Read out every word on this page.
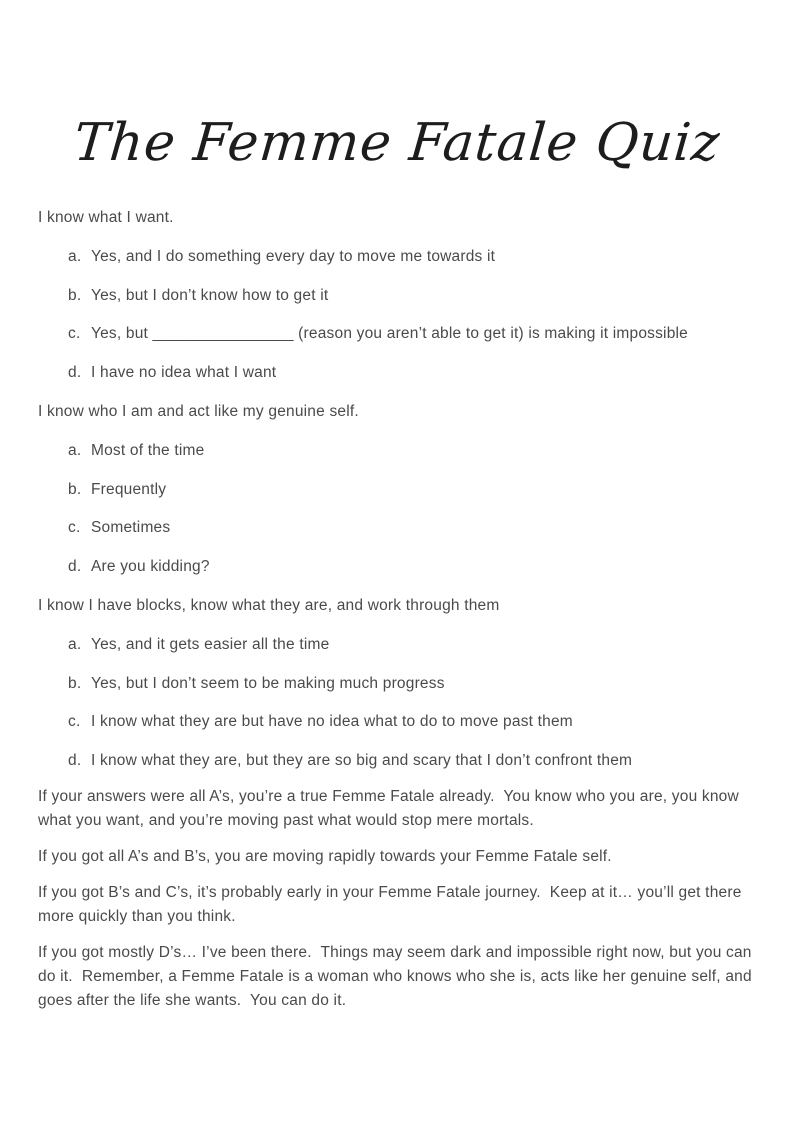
The Femme Fatale Quiz
I know what I want.
a. Yes, and I do something every day to move me towards it
b. Yes, but I don’t know how to get it
c. Yes, but ________________ (reason you aren’t able to get it) is making it impossible
d. I have no idea what I want
I know who I am and act like my genuine self.
a. Most of the time
b. Frequently
c. Sometimes
d. Are you kidding?
I know I have blocks, know what they are, and work through them
a. Yes, and it gets easier all the time
b. Yes, but I don’t seem to be making much progress
c. I know what they are but have no idea what to do to move past them
d. I know what they are, but they are so big and scary that I don’t confront them

If your answers were all A’s, you’re a true Femme Fatale already.  You know who you are, you know what you want, and you’re moving past what would stop mere mortals.

If you got all A’s and B’s, you are moving rapidly towards your Femme Fatale self.

If you got B’s and C’s, it’s probably early in your Femme Fatale journey.  Keep at it… you’ll get there more quickly than you think.

If you got mostly D’s… I’ve been there.  Things may seem dark and impossible right now, but you can do it.  Remember, a Femme Fatale is a woman who knows who she is, acts like her genuine self, and goes after the life she wants.  You can do it.
